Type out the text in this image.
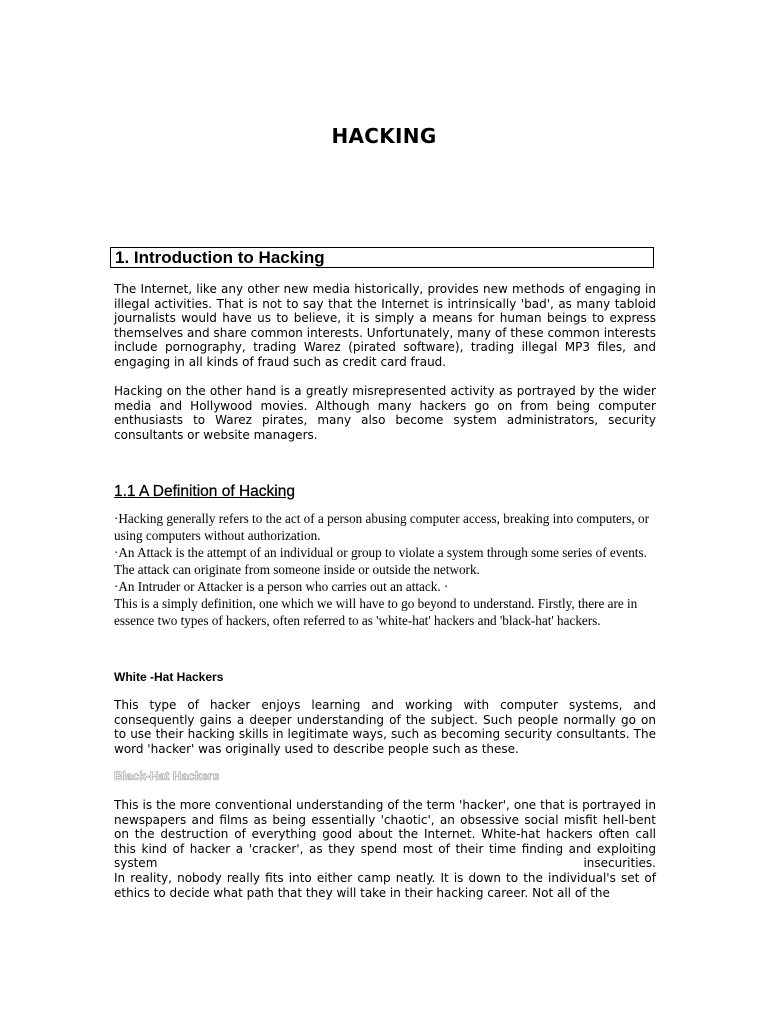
HACKING
1. Introduction to Hacking
The Internet, like any other new media historically, provides new methods of engaging in illegal activities. That is not to say that the Internet is intrinsically 'bad', as many tabloid journalists would have us to believe, it is simply a means for human beings to express themselves and share common interests. Unfortunately, many of these common interests include pornography, trading Warez (pirated software), trading illegal MP3 files, and engaging in all kinds of fraud such as credit card fraud.
Hacking on the other hand is a greatly misrepresented activity as portrayed by the wider media and Hollywood movies. Although many hackers go on from being computer enthusiasts to Warez pirates, many also become system administrators, security consultants or website managers.
1.1 A Definition of Hacking
·Hacking generally refers to the act of a person abusing computer access, breaking into computers, or using computers without authorization.
·An Attack is the attempt of an individual or group to violate a system through some series of events. The attack can originate from someone inside or outside the network.
·An Intruder or Attacker is a person who carries out an attack. ·
This is a simply definition, one which we will have to go beyond to understand. Firstly, there are in essence two types of hackers, often referred to as 'white-hat' hackers and 'black-hat' hackers.
White -Hat Hackers
This type of hacker enjoys learning and working with computer systems, and consequently gains a deeper understanding of the subject. Such people normally go on to use their hacking skills in legitimate ways, such as becoming security consultants. The word 'hacker' was originally used to describe people such as these.
Black-Hat Hackers
This is the more conventional understanding of the term 'hacker', one that is portrayed in newspapers and films as being essentially 'chaotic', an obsessive social misfit hell-bent on the destruction of everything good about the Internet. White-hat hackers often call this kind of hacker a 'cracker', as they spend most of their time finding and exploiting system insecurities.
In reality, nobody really fits into either camp neatly. It is down to the individual's set of ethics to decide what path that they will take in their hacking career. Not all of the
